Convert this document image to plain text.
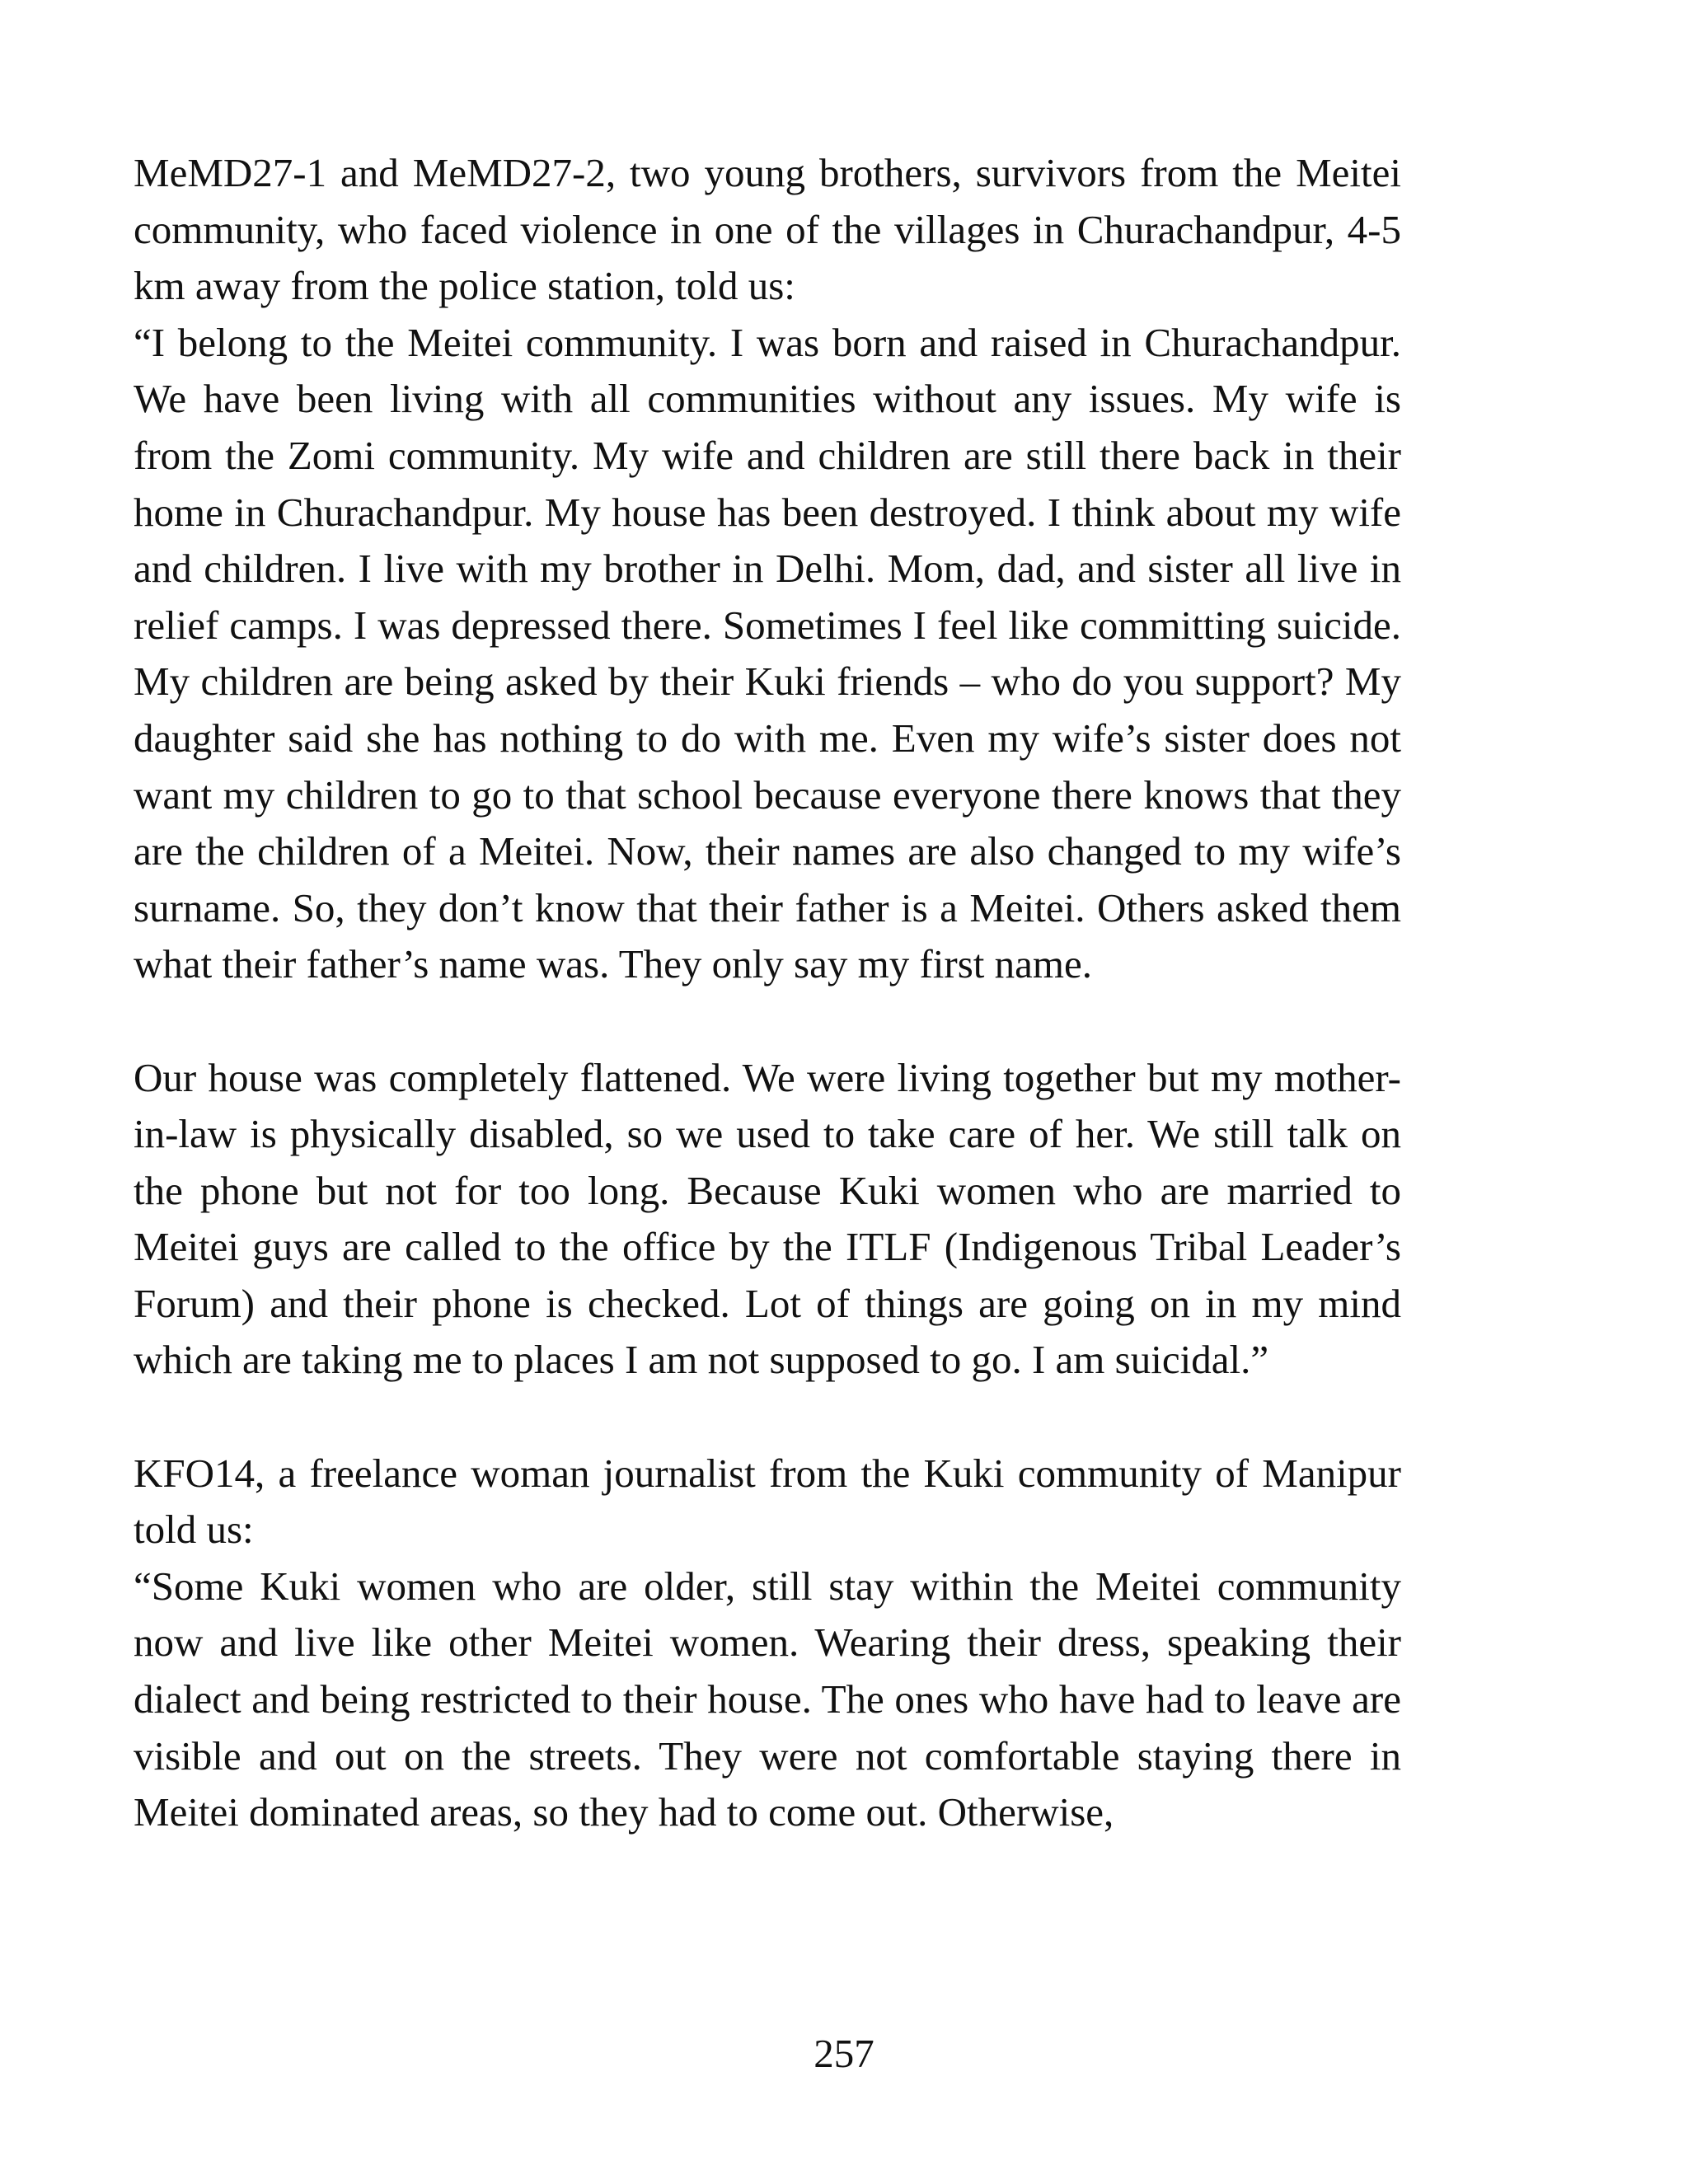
MeMD27-1 and MeMD27-2, two young brothers, survivors from the Meitei community, who faced violence in one of the villages in Churachandpur, 4-5 km away from the police station, told us:

“I belong to the Meitei community. I was born and raised in Churachandpur. We have been living with all communities without any issues. My wife is from the Zomi community. My wife and children are still there back in their home in Churachandpur. My house has been destroyed. I think about my wife and children. I live with my brother in Delhi. Mom, dad, and sister all live in relief camps. I was depressed there. Sometimes I feel like committing suicide. My children are being asked by their Kuki friends – who do you support? My daughter said she has nothing to do with me. Even my wife’s sister does not want my children to go to that school because everyone there knows that they are the children of a Meitei. Now, their names are also changed to my wife’s surname. So, they don’t know that their father is a Meitei. Others asked them what their father’s name was. They only say my first name.

Our house was completely flattened. We were living together but my mother-in-law is physically disabled, so we used to take care of her. We still talk on the phone but not for too long. Because Kuki women who are married to Meitei guys are called to the office by the ITLF (Indigenous Tribal Leader’s Forum) and their phone is checked. Lot of things are going on in my mind which are taking me to places I am not supposed to go. I am suicidal.”

KFO14, a freelance woman journalist from the Kuki community of Manipur told us:

“Some Kuki women who are older, still stay within the Meitei community now and live like other Meitei women. Wearing their dress, speaking their dialect and being restricted to their house. The ones who have had to leave are visible and out on the streets. They were not comfortable staying there in Meitei dominated areas, so they had to come out. Otherwise,

257
